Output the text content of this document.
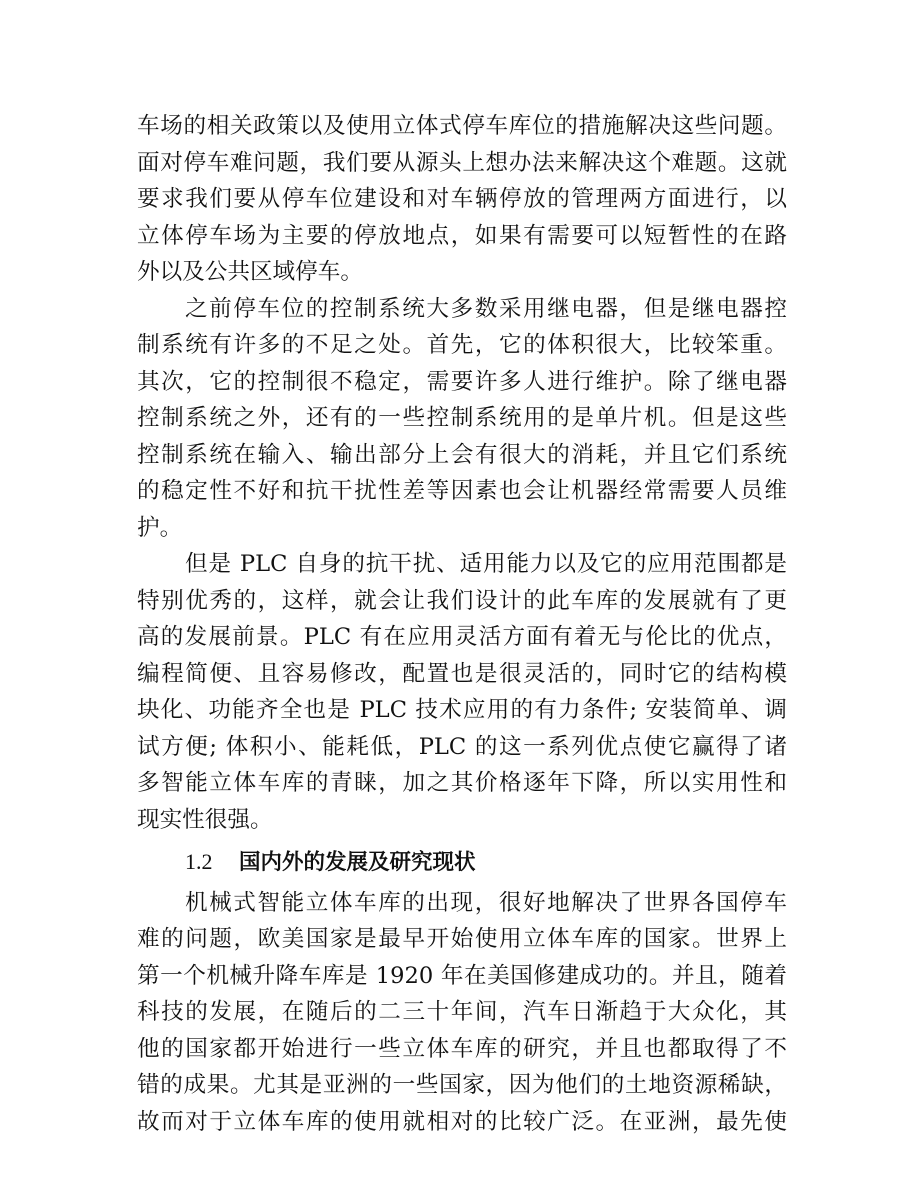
车场的相关政策以及使用立体式停车库位的措施解决这些问题。
面对停车难问题，我们要从源头上想办法来解决这个难题。这就
要求我们要从停车位建设和对车辆停放的管理两方面进行，以
立体停车场为主要的停放地点，如果有需要可以短暂性的在路
外以及公共区域停车。
之前停车位的控制系统大多数采用继电器，但是继电器控
制系统有许多的不足之处。首先，它的体积很大，比较笨重。
其次，它的控制很不稳定，需要许多人进行维护。除了继电器
控制系统之外，还有的一些控制系统用的是单片机。但是这些
控制系统在输入、输出部分上会有很大的消耗，并且它们系统
的稳定性不好和抗干扰性差等因素也会让机器经常需要人员维
护。
但是 PLC 自身的抗干扰、适用能力以及它的应用范围都是
特别优秀的，这样，就会让我们设计的此车库的发展就有了更
高的发展前景。PLC 有在应用灵活方面有着无与伦比的优点，
编程简便、且容易修改，配置也是很灵活的，同时它的结构模
块化、功能齐全也是 PLC 技术应用的有力条件; 安装简单、调
试方便; 体积小、能耗低，PLC 的这一系列优点使它赢得了诸
多智能立体车库的青睐，加之其价格逐年下降，所以实用性和
现实性很强。
1.2 国内外的发展及研究现状
机械式智能立体车库的出现，很好地解决了世界各国停车
难的问题，欧美国家是最早开始使用立体车库的国家。世界上
第一个机械升降车库是 1920 年在美国修建成功的。并且，随着
科技的发展，在随后的二三十年间，汽车日渐趋于大众化，其
他的国家都开始进行一些立体车库的研究，并且也都取得了不
错的成果。尤其是亚洲的一些国家，因为他们的土地资源稀缺，
故而对于立体车库的使用就相对的比较广泛。在亚洲，最先使
